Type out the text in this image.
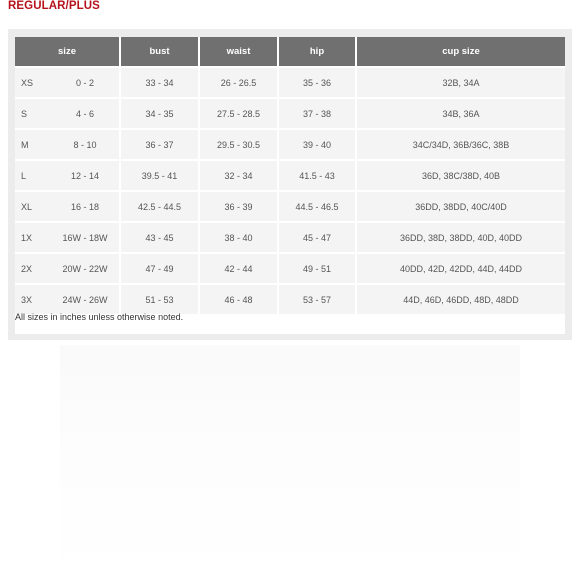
REGULAR/PLUS
size	bust	waist	hip	cup size
XS 0 - 2	33 - 34	26 - 26.5	35 - 36	32B, 34A
S 4 - 6	34 - 35	27.5 - 28.5	37 - 38	34B, 36A
M 8 - 10	36 - 37	29.5 - 30.5	39 - 40	34C/34D, 36B/36C, 38B
L 12 - 14	39.5 - 41	32 - 34	41.5 - 43	36D, 38C/38D, 40B
XL 16 - 18	42.5 - 44.5	36 - 39	44.5 - 46.5	36DD, 38DD, 40C/40D
1X 16W - 18W	43 - 45	38 - 40	45 - 47	36DD, 38D, 38DD, 40D, 40DD
2X 20W - 22W	47 - 49	42 - 44	49 - 51	40DD, 42D, 42DD, 44D, 44DD
3X 24W - 26W	51 - 53	46 - 48	53 - 57	44D, 46D, 46DD, 48D, 48DD
All sizes in inches unless otherwise noted.
